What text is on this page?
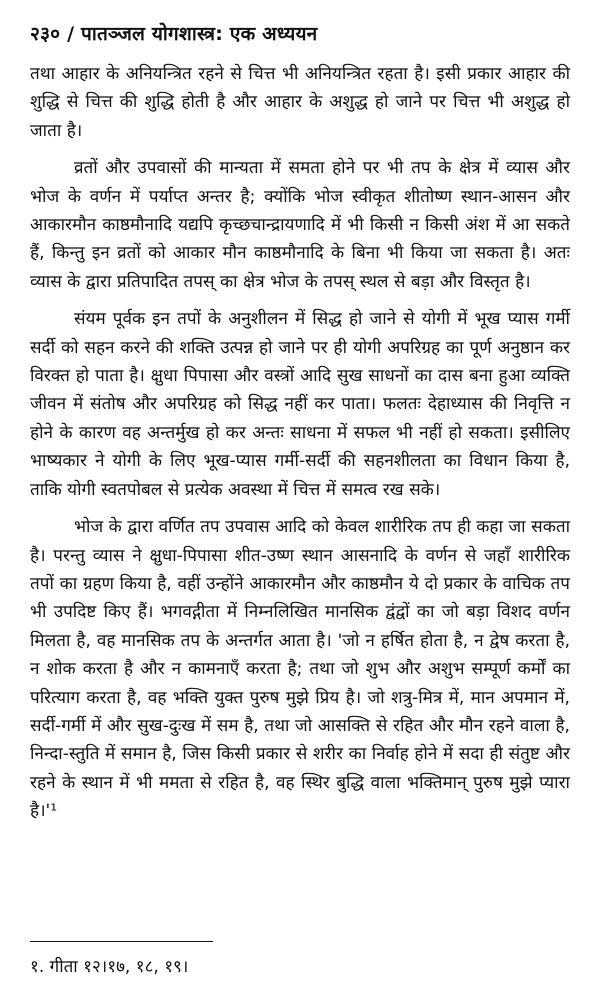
२३० / पातञ्जल योगशास्त्र: एक अध्ययन

तथा आहार के अनियन्त्रित रहने से चित्त भी अनियन्त्रित रहता है। इसी प्रकार आहार की शुद्धि से चित्त की शुद्धि होती है और आहार के अशुद्ध हो जाने पर चित्त भी अशुद्ध हो जाता है।

व्रतों और उपवासों की मान्यता में समता होने पर भी तप के क्षेत्र में व्यास और भोज के वर्णन में पर्याप्त अन्तर है; क्योंकि भोज स्वीकृत शीतोष्ण स्थान-आसन और आकारमौन काष्ठमौनादि यद्यपि कृच्छचान्द्रायणादि में भी किसी न किसी अंश में आ सकते हैं, किन्तु इन व्रतों को आकार मौन काष्ठमौनादि के बिना भी किया जा सकता है। अतः व्यास के द्वारा प्रतिपादित तपस् का क्षेत्र भोज के तपस् स्थल से बड़ा और विस्तृत है।

संयम पूर्वक इन तपों के अनुशीलन में सिद्ध हो जाने से योगी में भूख प्यास गर्मी सर्दी को सहन करने की शक्ति उत्पन्न हो जाने पर ही योगी अपरिग्रह का पूर्ण अनुष्ठान कर विरक्त हो पाता है। क्षुधा पिपासा और वस्त्रों आदि सुख साधनों का दास बना हुआ व्यक्ति जीवन में संतोष और अपरिग्रह को सिद्ध नहीं कर पाता। फलतः देहाध्यास की निवृत्ति न होने के कारण वह अन्तर्मुख हो कर अन्तः साधना में सफल भी नहीं हो सकता। इसीलिए भाष्यकार ने योगी के लिए भूख-प्यास गर्मी-सर्दी की सहनशीलता का विधान किया है, ताकि योगी स्वतपोबल से प्रत्येक अवस्था में चित्त में समत्व रख सके।

भोज के द्वारा वर्णित तप उपवास आदि को केवल शारीरिक तप ही कहा जा सकता है। परन्तु व्यास ने क्षुधा-पिपासा शीत-उष्ण स्थान आसनादि के वर्णन से जहाँ शारीरिक तपों का ग्रहण किया है, वहीं उन्होंने आकारमौन और काष्ठमौन ये दो प्रकार के वाचिक तप भी उपदिष्ट किए हैं। भगवद्गीता में निम्नलिखित मानसिक द्वंद्वों का जो बड़ा विशद वर्णन मिलता है, वह मानसिक तप के अन्तर्गत आता है। 'जो न हर्षित होता है, न द्वेष करता है, न शोक करता है और न कामनाएँ करता है; तथा जो शुभ और अशुभ सम्पूर्ण कर्मों का परित्याग करता है, वह भक्ति युक्त पुरुष मुझे प्रिय है। जो शत्रु-मित्र में, मान अपमान में, सर्दी-गर्मी में और सुख-दुःख में सम है, तथा जो आसक्ति से रहित और मौन रहने वाला है, निन्दा-स्तुति में समान है, जिस किसी प्रकार से शरीर का निर्वाह होने में सदा ही संतुष्ट और रहने के स्थान में भी ममता से रहित है, वह स्थिर बुद्धि वाला भक्तिमान् पुरुष मुझे प्यारा है।'¹

१. गीता १२।१७, १८, १९।
